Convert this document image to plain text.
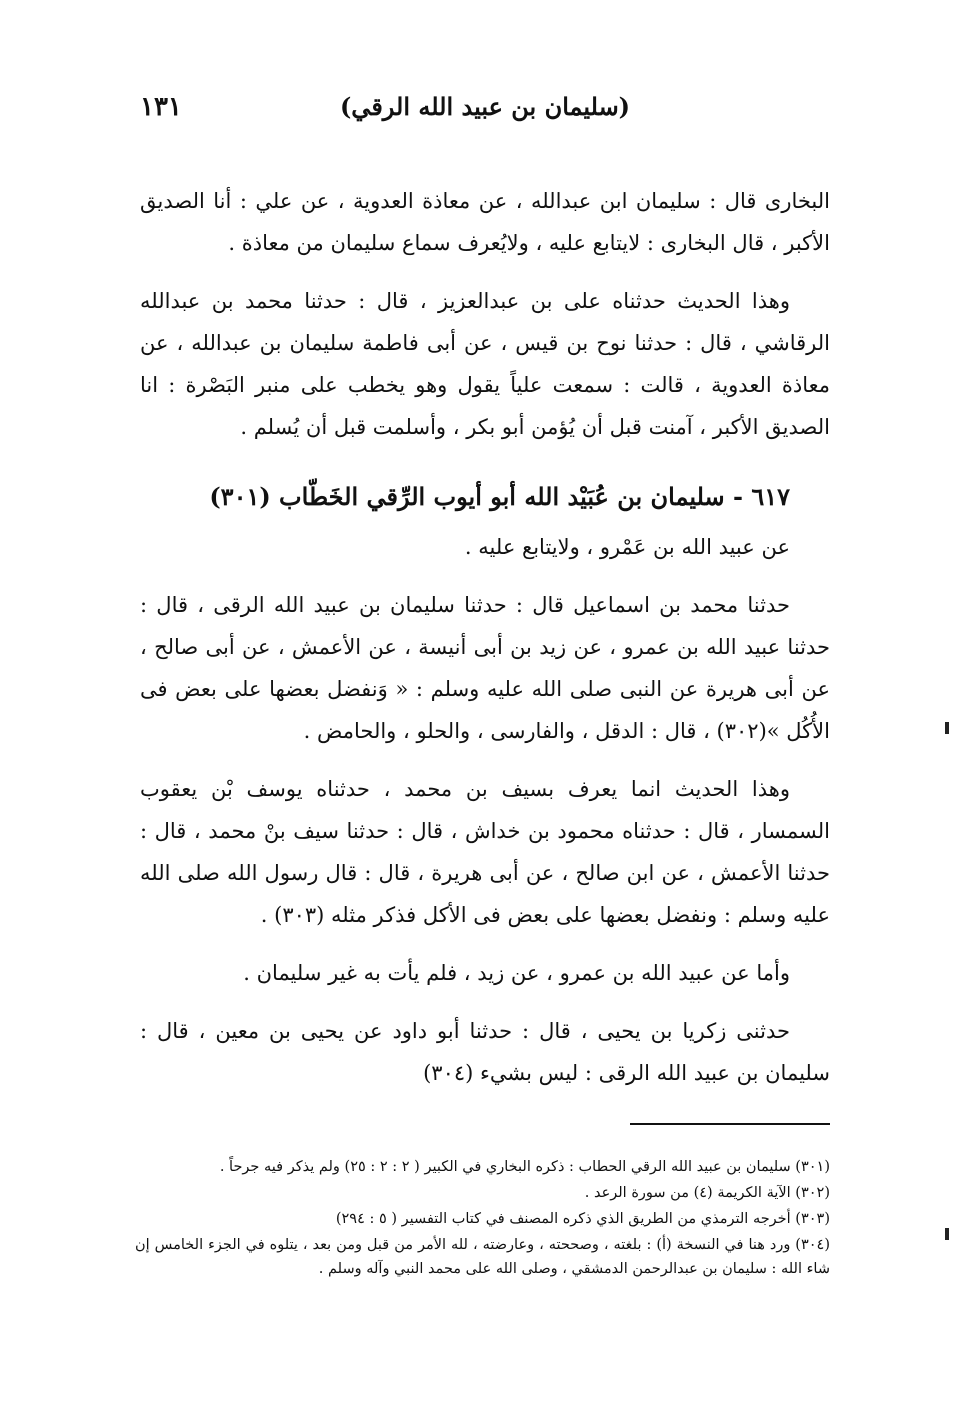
١٣١	(سليمان بن عبيد الله الرقي)

البخارى قال : سليمان ابن عبدالله ، عن معاذة العدوية ، عن علي : أنا الصديق الأكبر ، قال البخارى : لايتابع عليه ، ولايُعرف سماع سليمان من معاذة .

وهذا الحديث حدثناه على بن عبدالعزيز ، قال : حدثنا محمد بن عبدالله الرقاشي ، قال : حدثنا نوح بن قيس ، عن أبى فاطمة سليمان بن عبدالله ، عن معاذة العدوية ، قالت : سمعت علياً يقول وهو يخطب على منبر البَصْرة : انا الصديق الأكبر ، آمنت قبل أن يُؤمن أبو بكر ، وأسلمت قبل أن يُسلم .

٦١٧ - سليمان بن عُبَيْد الله أبو أيوب الرِّقي الخَطّاب (٣٠١)

عن عبيد الله بن عَمْرو ، ولايتابع عليه .

حدثنا محمد بن اسماعيل قال : حدثنا سليمان بن عبيد الله الرقى ، قال : حدثنا عبيد الله بن عمرو ، عن زيد بن أبى أنيسة ، عن الأعمش ، عن أبى صالح ، عن أبى هريرة عن النبى صلى الله عليه وسلم : « وَنفضل بعضها على بعض فى الأُكُل »(٣٠٢) ، قال : الدقل ، والفارسى ، والحلو ، والحامض .

وهذا الحديث انما يعرف بسيف بن محمد ، حدثناه يوسف بْن يعقوب السمسار ، قال : حدثناه محمود بن خداش ، قال : حدثنا سيف بنْ محمد ، قال : حدثنا الأعمش ، عن ابن صالح ، عن أبى هريرة ، قال : قال رسول الله صلى الله عليه وسلم : ونفضل بعضها على بعض فى الأكل فذكر مثله (٣٠٣) .

وأما عن عبيد الله بن عمرو ، عن زيد ، فلم يأت به غير سليمان .

حدثنى زكريا بن يحيى ، قال : حدثنا أبو داود عن يحيى بن معين ، قال : سليمان بن عبيد الله الرقى : ليس بشيء (٣٠٤)

(٣٠١) سليمان بن عبيد الله الرقي الحطاب : ذكره البخاري في الكبير ( ٢ : ٢ : ٢٥) ولم يذكر فيه جرحاً .

(٣٠٢) الآية الكريمة (٤) من سورة الرعد .

(٣٠٣) أخرجه الترمذي من الطريق الذي ذكره المصنف في كتاب التفسير ( ٥ : ٢٩٤)

(٣٠٤) ورد هنا في النسخة (أ) : بلغته ، وصححته ، وعارضته ، لله الأمر من قبل ومن بعد ، يتلوه في الجزء الخامس إن شاء الله : سليمان بن عبدالرحمن الدمشقي ، وصلى الله على محمد النبي وآله وسلم .
